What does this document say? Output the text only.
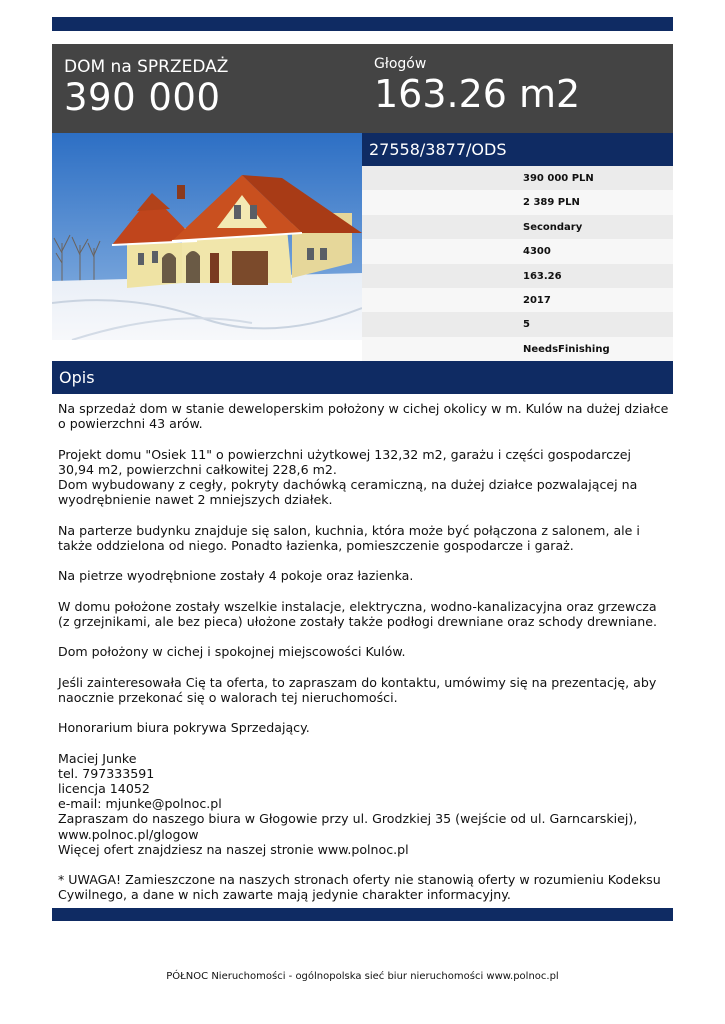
DOM na SPRZEDAŻ
390 000
Głogów
163.26 m2
27558/3877/ODS
390 000 PLN
2 389 PLN
Secondary
4300
163.26
2017
5
NeedsFinishing
Opis

Na sprzedaż dom w stanie deweloperskim położony w cichej okolicy w m. Kulów na dużej działce o powierzchni 43 arów.

Projekt domu "Osiek 11" o powierzchni użytkowej 132,32 m2, garażu i części gospodarczej 30,94 m2, powierzchni całkowitej 228,6 m2.
Dom wybudowany z cegły, pokryty dachówką ceramiczną, na dużej działce pozwalającej na wyodrębnienie nawet 2 mniejszych działek.

Na parterze budynku znajduje się salon, kuchnia, która może być połączona z salonem, ale i także oddzielona od niego. Ponadto łazienka, pomieszczenie gospodarcze i garaż.

Na pietrze wyodrębnione zostały 4 pokoje oraz łazienka.

W domu położone zostały wszelkie instalacje, elektryczna, wodno-kanalizacyjna oraz grzewcza (z grzejnikami, ale bez pieca) ułożone zostały także podłogi drewniane oraz schody drewniane.

Dom położony w cichej i spokojnej miejscowości Kulów.

Jeśli zainteresowała Cię ta oferta, to zapraszam do kontaktu, umówimy się na prezentację, aby naocznie przekonać się o walorach tej nieruchomości.

Honorarium biura pokrywa Sprzedający.

Maciej Junke
tel. 797333591
licencja 14052
e-mail: mjunke@polnoc.pl
Zapraszam do naszego biura w Głogowie przy ul. Grodzkiej 35 (wejście od ul. Garncarskiej),
www.polnoc.pl/glogow
Więcej ofert znajdziesz na naszej stronie www.polnoc.pl

* UWAGA! Zamieszczone na naszych stronach oferty nie stanowią oferty w rozumieniu Kodeksu Cywilnego, a dane w nich zawarte mają jedynie charakter informacyjny.

PÓŁNOC Nieruchomości - ogólnopolska sieć biur nieruchomości www.polnoc.pl
